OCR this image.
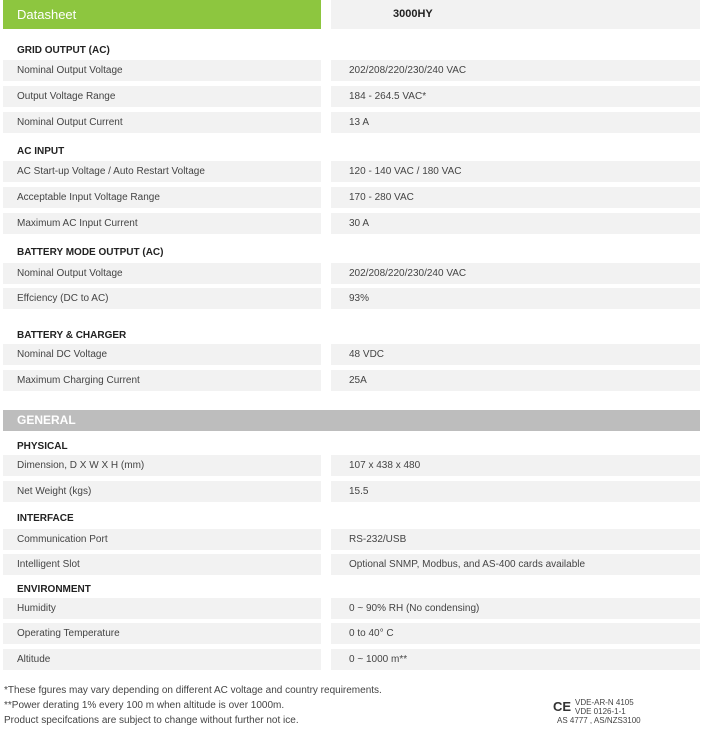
Datasheet	3000HY
GRID OUTPUT (AC)
Nominal Output Voltage	202/208/220/230/240 VAC
Output Voltage Range	184 - 264.5 VAC*
Nominal Output Current	13 A
AC INPUT
AC Start-up Voltage / Auto Restart Voltage	120 - 140 VAC / 180 VAC
Acceptable Input Voltage Range	170 - 280 VAC
Maximum AC Input Current	30 A
BATTERY MODE OUTPUT (AC)
Nominal Output Voltage	202/208/220/230/240 VAC
Effciency (DC to AC)	93%
BATTERY & CHARGER
Nominal DC Voltage	48 VDC
Maximum Charging Current	25A
GENERAL
PHYSICAL
Dimension, D X W X H (mm)	107 x 438 x 480
Net Weight (kgs)	15.5
INTERFACE
Communication Port	RS-232/USB
Intelligent Slot	Optional SNMP, Modbus, and AS-400 cards available
ENVIRONMENT
Humidity	0 ~ 90% RH (No condensing)
Operating Temperature	0 to 40° C
Altitude	0 ~ 1000 m**
*These fgures may vary depending on different AC voltage and country requirements.
**Power derating 1% every 100 m when altitude is over 1000m.
Product specifcations are subject to change without further not ice.
CE VDE-AR-N 4105
VDE 0126-1-1
AS 4777 , AS/NZS3100
